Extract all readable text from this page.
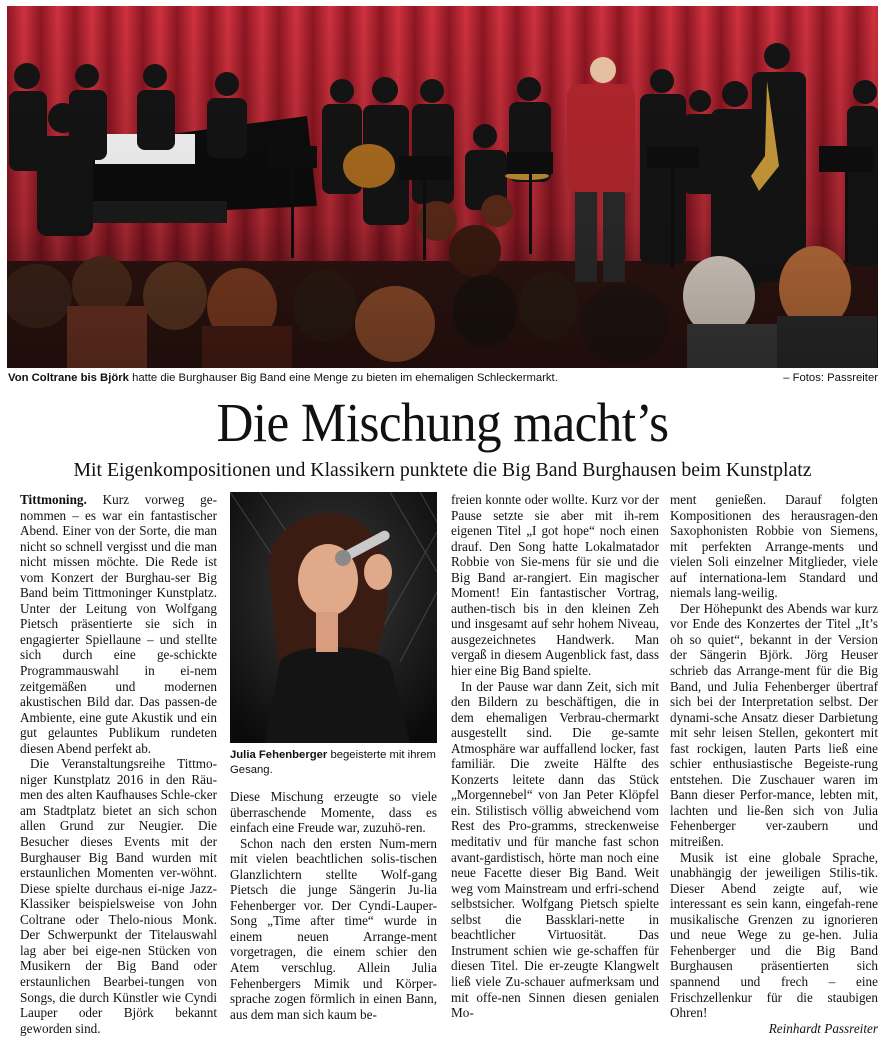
Von Coltrane bis Björk hatte die Burghauser Big Band eine Menge zu bieten im ehemaligen Schleckermarkt.	– Fotos: Passreiter
Die Mischung macht’s
Mit Eigenkompositionen und Klassikern punktete die Big Band Burghausen beim Kunstplatz

Tittmoning. Kurz vorweg ge-nommen – es war ein fantastischer Abend. Einer von der Sorte, die man nicht so schnell vergisst und die man nicht missen möchte. Die Rede ist vom Konzert der Burghau-ser Big Band beim Tittmoninger Kunstplatz. Unter der Leitung von Wolfgang Pietsch präsentierte sie sich in engagierter Spiellaune – und stellte sich durch eine ge-schickte Programmauswahl in ei-nem zeitgemäßen und modernen akustischen Bild dar. Das passen-de Ambiente, eine gute Akustik und ein gut gelauntes Publikum rundeten diesen Abend perfekt ab.

Die Veranstaltungsreihe Tittmo-niger Kunstplatz 2016 in den Räu-men des alten Kaufhauses Schle-cker am Stadtplatz bietet an sich schon allen Grund zur Neugier. Die Besucher dieses Events mit der Burghauser Big Band wurden mit erstaunlichen Momenten ver-wöhnt. Diese spielte durchaus ei-nige Jazz-Klassiker beispielsweise von John Coltrane oder Thelo-nious Monk. Der Schwerpunkt der Titelauswahl lag aber bei eige-nen Stücken von Musikern der Big Band oder erstaunlichen Bearbei-tungen von Songs, die durch Künstler wie Cyndi Lauper oder Björk bekannt geworden sind.

Julia Fehenberger begeisterte mit ihrem Gesang.

Diese Mischung erzeugte so viele überraschende Momente, dass es einfach eine Freude war, zuzuhö-ren.

Schon nach den ersten Num-mern mit vielen beachtlichen solis-tischen Glanzlichtern stellte Wolf-gang Pietsch die junge Sängerin Ju-lia Fehenberger vor. Der Cyndi-Lauper-Song „Time after time“ wurde in einem neuen Arrange-ment vorgetragen, die einem schier den Atem verschlug. Allein Julia Fehenbergers Mimik und Körper-sprache zogen förmlich in einen Bann, aus dem man sich kaum be-

freien konnte oder wollte. Kurz vor der Pause setzte sie aber mit ih-rem eigenen Titel „I got hope“ noch einen drauf. Den Song hatte Lokalmatador Robbie von Sie-mens für sie und die Big Band ar-rangiert. Ein magischer Moment! Ein fantastischer Vortrag, authen-tisch bis in den kleinen Zeh und insgesamt auf sehr hohem Niveau, ausgezeichnetes Handwerk. Man vergaß in diesem Augenblick fast, dass hier eine Big Band spielte.

In der Pause war dann Zeit, sich mit den Bildern zu beschäftigen, die in dem ehemaligen Verbrau-chermarkt ausgestellt sind. Die ge-samte Atmosphäre war auffallend locker, fast familiär. Die zweite Hälfte des Konzerts leitete dann das Stück „Morgennebel“ von Jan Peter Klöpfel ein. Stilistisch völlig abweichend vom Rest des Pro-gramms, streckenweise meditativ und für manche fast schon avant-gardistisch, hörte man noch eine neue Facette dieser Big Band. Weit weg vom Mainstream und erfri-schend selbstsicher. Wolfgang Pietsch spielte selbst die Bassklari-nette in beachtlicher Virtuosität. Das Instrument schien wie ge-schaffen für diesen Titel. Die er-zeugte Klangwelt ließ viele Zu-schauer aufmerksam und mit offe-nen Sinnen diesen genialen Mo-

ment genießen. Darauf folgten Kompositionen des herausragen-den Saxophonisten Robbie von Siemens, mit perfekten Arrange-ments und vielen Soli einzelner Mitglieder, viele auf internationa-lem Standard und niemals lang-weilig.

Der Höhepunkt des Abends war kurz vor Ende des Konzertes der Titel „It’s oh so quiet“, bekannt in der Version der Sängerin Björk. Jörg Heuser schrieb das Arrange-ment für die Big Band, und Julia Fehenberger übertraf sich bei der Interpretation selbst. Der dynami-sche Ansatz dieser Darbietung mit sehr leisen Stellen, gekontert mit fast rockigen, lauten Parts ließ eine schier enthusiastische Begeiste-rung entstehen. Die Zuschauer waren im Bann dieser Perfor-mance, lebten mit, lachten und lie-ßen sich von Julia Fehenberger ver-zaubern und mitreißen.

Musik ist eine globale Sprache, unabhängig der jeweiligen Stilis-tik. Dieser Abend zeigte auf, wie interessant es sein kann, eingefah-rene musikalische Grenzen zu ignorieren und neue Wege zu ge-hen. Julia Fehenberger und die Big Band Burghausen präsentierten sich spannend und frech – eine Frischzellenkur für die staubigen Ohren!

Reinhardt Passreiter
